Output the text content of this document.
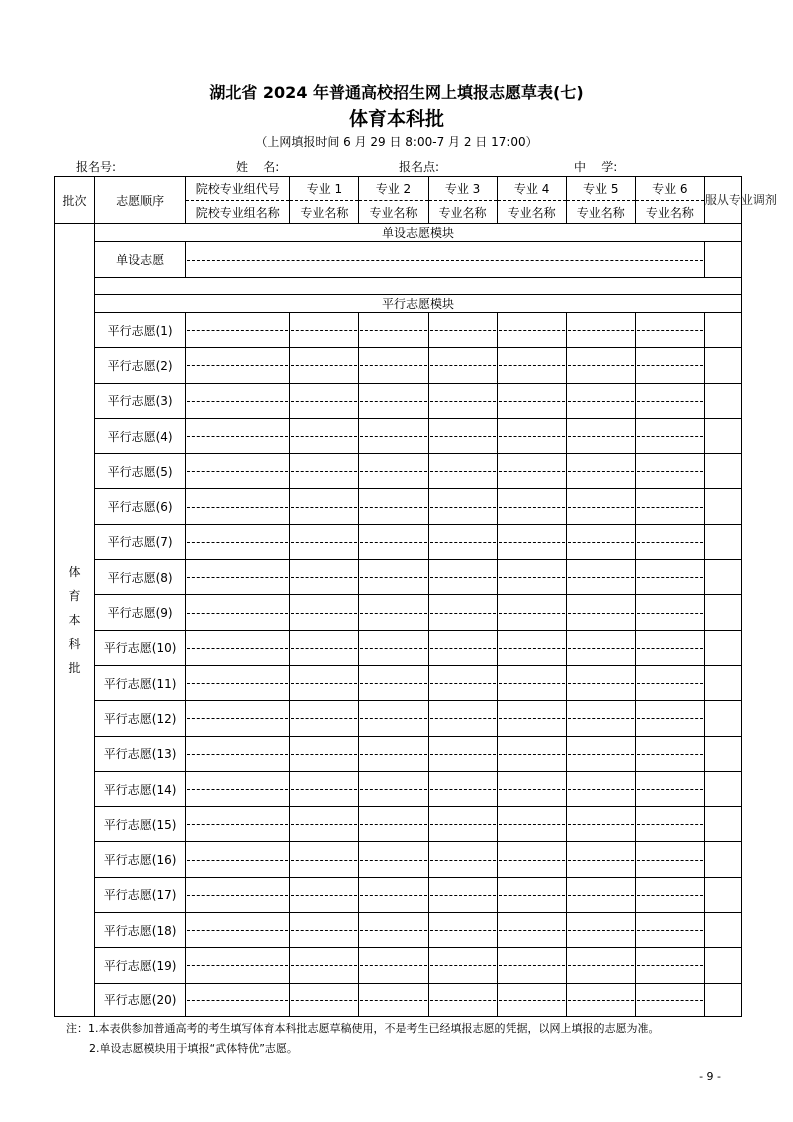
湖北省 2024 年普通高校招生网上填报志愿草表(七)
体育本科批
（上网填报时间 6 月 29 日 8:00-7 月 2 日 17:00）
报名号:	姓    名:	报名点:	中    学:
批次	志愿顺序	院校专业组代号	专业 1	专业 2	专业 3	专业 4	专业 5	专业 6	服从专业调剂
		院校专业组名称	专业名称	专业名称	专业名称	专业名称	专业名称	专业名称	

体
育
本
科
批	单设志愿模块								
	单设志愿							

	平行志愿模块								
	平行志愿(1)	

	平行志愿(2)	

	平行志愿(3)	

	平行志愿(4)	

	平行志愿(5)	

	平行志愿(6)	

	平行志愿(7)	

	平行志愿(8)	

	平行志愿(9)	

	平行志愿(10)	

	平行志愿(11)	

	平行志愿(12)	

	平行志愿(13)	

	平行志愿(14)	

	平行志愿(15)	

	平行志愿(16)	

	平行志愿(17)	

	平行志愿(18)	

	平行志愿(19)	

	平行志愿(20)	

注：1.本表供参加普通高考的考生填写体育本科批志愿草稿使用，不是考生已经填报志愿的凭据，以网上填报的志愿为准。
2.单设志愿模块用于填报“武体特优”志愿。
- 9 -
